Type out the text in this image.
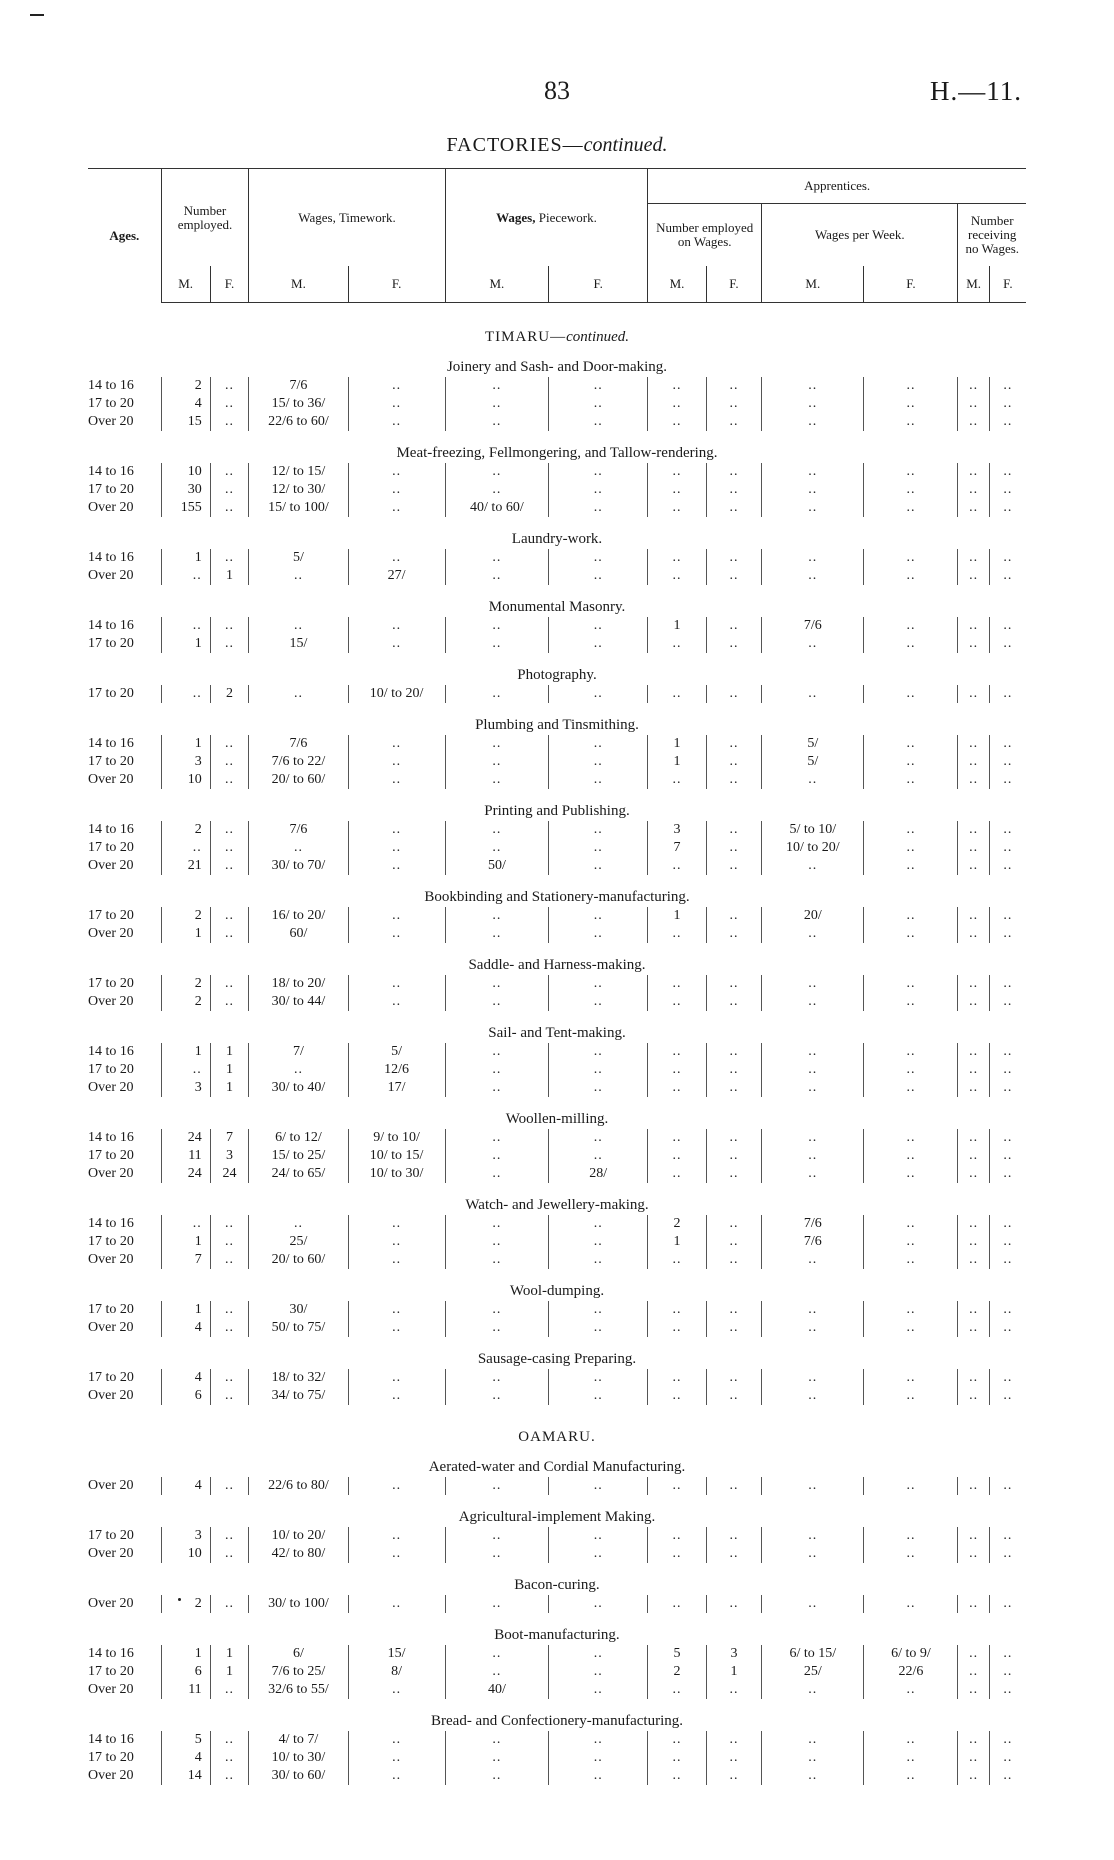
83	H.—11.
FACTORIES—continued.
Ages.	Number employed.		Wages, Timework.		Wages, Piecework.		Apprentices.					
							Number employed on Wages.		Wages per Week.		Number receiving no Wages.	
	M.	F.	M.	F.	M.	F.	M.	F.	M.	F.	M.	F.

TIMARU—continued.												
Joinery and Sash- and Door-making.												
14 to 16	2	..	7/6	..	..	..	..	..	..	..	..	..
17 to 20	4	..	15/ to 36/	..	..	..	..	..	..	..	..	..
Over 20	15	..	22/6 to 60/	..	..	..	..	..	..	..	..	..
Meat-freezing, Fellmongering, and Tallow-rendering.												
14 to 16	10	..	12/ to 15/	..	..	..	..	..	..	..	..	..
17 to 20	30	..	12/ to 30/	..	..	..	..	..	..	..	..	..
Over 20	155	..	15/ to 100/	..	40/ to 60/	..	..	..	..	..	..	..
Laundry-work.												
14 to 16	1	..	5/	..	..	..	..	..	..	..	..	..
Over 20	..	1	..	27/	..	..	..	..	..	..	..	..
Monumental Masonry.												
14 to 16	..	..	..	..	..	..	1	..	7/6	..	..	..
17 to 20	1	..	15/	..	..	..	..	..	..	..	..	..
Photography.												
17 to 20	..	2	..	10/ to 20/	..	..	..	..	..	..	..	..
Plumbing and Tinsmithing.												
14 to 16	1	..	7/6	..	..	..	1	..	5/	..	..	..
17 to 20	3	..	7/6 to 22/	..	..	..	1	..	5/	..	..	..
Over 20	10	..	20/ to 60/	..	..	..	..	..	..	..	..	..
Printing and Publishing.												
14 to 16	2	..	7/6	..	..	..	3	..	5/ to 10/	..	..	..
17 to 20	..	..	..	..	..	..	7	..	10/ to 20/	..	..	..
Over 20	21	..	30/ to 70/	..	50/	..	..	..	..	..	..	..
Bookbinding and Stationery-manufacturing.												
17 to 20	2	..	16/ to 20/	..	..	..	1	..	20/	..	..	..
Over 20	1	..	60/	..	..	..	..	..	..	..	..	..
Saddle- and Harness-making.												
17 to 20	2	..	18/ to 20/	..	..	..	..	..	..	..	..	..
Over 20	2	..	30/ to 44/	..	..	..	..	..	..	..	..	..
Sail- and Tent-making.												
14 to 16	1	1	7/	5/	..	..	..	..	..	..	..	..
17 to 20	..	1	..	12/6	..	..	..	..	..	..	..	..
Over 20	3	1	30/ to 40/	17/	..	..	..	..	..	..	..	..
Woollen-milling.												
14 to 16	24	7	6/ to 12/	9/ to 10/	..	..	..	..	..	..	..	..
17 to 20	11	3	15/ to 25/	10/ to 15/	..	..	..	..	..	..	..	..
Over 20	24	24	24/ to 65/	10/ to 30/	..	28/	..	..	..	..	..	..
Watch- and Jewellery-making.												
14 to 16	..	..	..	..	..	..	2	..	7/6	..	..	..
17 to 20	1	..	25/	..	..	..	1	..	7/6	..	..	..
Over 20	7	..	20/ to 60/	..	..	..	..	..	..	..	..	..
Wool-dumping.												
17 to 20	1	..	30/	..	..	..	..	..	..	..	..	..
Over 20	4	..	50/ to 75/	..	..	..	..	..	..	..	..	..
Sausage-casing Preparing.												
17 to 20	4	..	18/ to 32/	..	..	..	..	..	..	..	..	..
Over 20	6	..	34/ to 75/	..	..	..	..	..	..	..	..	..
OAMARU.												
Aerated-water and Cordial Manufacturing.												
Over 20	4	..	22/6 to 80/	..	..	..	..	..	..	..	..	..
Agricultural-implement Making.												
17 to 20	3	..	10/ to 20/	..	..	..	..	..	..	..	..	..
Over 20	10	..	42/ to 80/	..	..	..	..	..	..	..	..	..
Bacon-curing.												
Over 20	2	..	30/ to 100/	..	..	..	..	..	..	..	..	..
Boot-manufacturing.												
14 to 16	1	1	6/	15/	..	..	5	3	6/ to 15/	6/ to 9/	..	..
17 to 20	6	1	7/6 to 25/	8/	..	..	2	1	25/	22/6	..	..
Over 20	11	..	32/6 to 55/	..	40/	..	..	..	..	..	..	..
Bread- and Confectionery-manufacturing.												
14 to 16	5	..	4/ to 7/	..	..	..	..	..	..	..	..	..
17 to 20	4	..	10/ to 30/	..	..	..	..	..	..	..	..	..
Over 20	14	..	30/ to 60/	..	..	..	..	..	..	..	..	..
